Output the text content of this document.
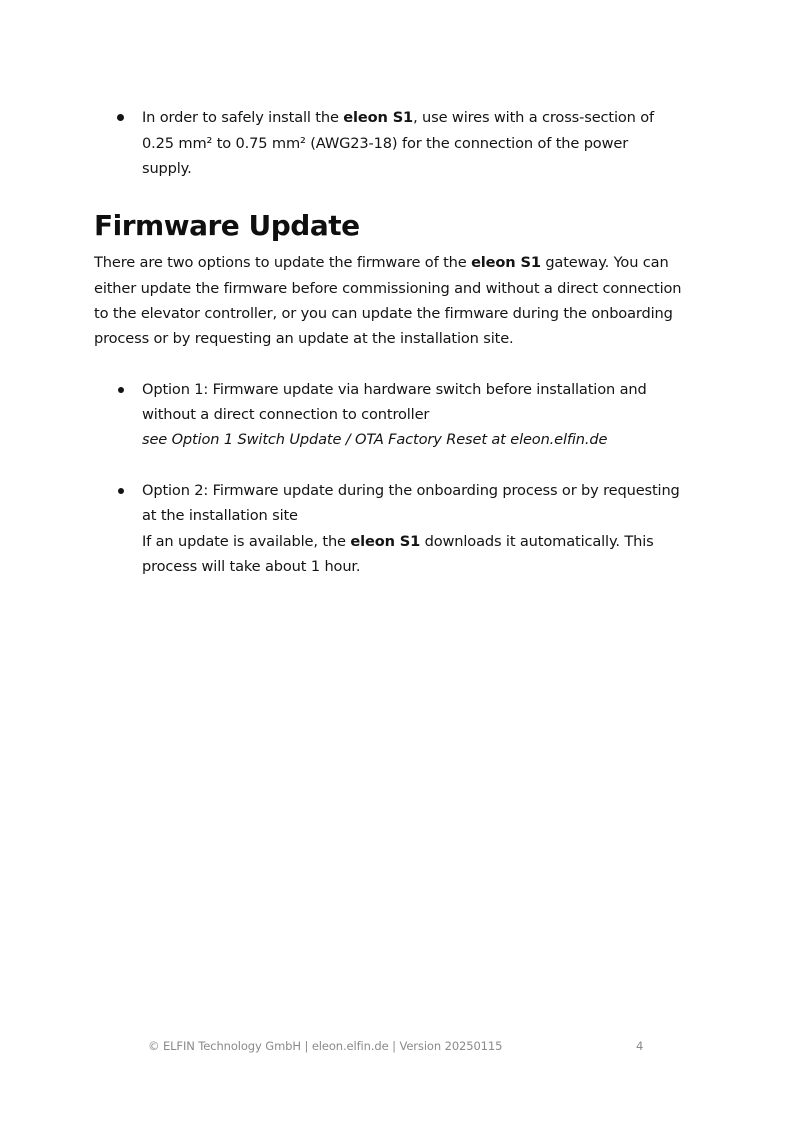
In order to safely install the eleon S1, use wires with a cross-section of
0.25 mm² to 0.75 mm² (AWG23-18) for the connection of the power
supply.
Firmware Update
There are two options to update the firmware of the eleon S1 gateway. You can
either update the firmware before commissioning and without a direct connection
to the elevator controller, or you can update the firmware during the onboarding
process or by requesting an update at the installation site.
Option 1: Firmware update via hardware switch before installation and
without a direct connection to controller
see Option 1 Switch Update / OTA Factory Reset at eleon.elfin.de
Option 2: Firmware update during the onboarding process or by requesting
at the installation site
If an update is available, the eleon S1 downloads it automatically. This
process will take about 1 hour.
© ELFIN Technology GmbH | eleon.elfin.de | Version 20250115	4
